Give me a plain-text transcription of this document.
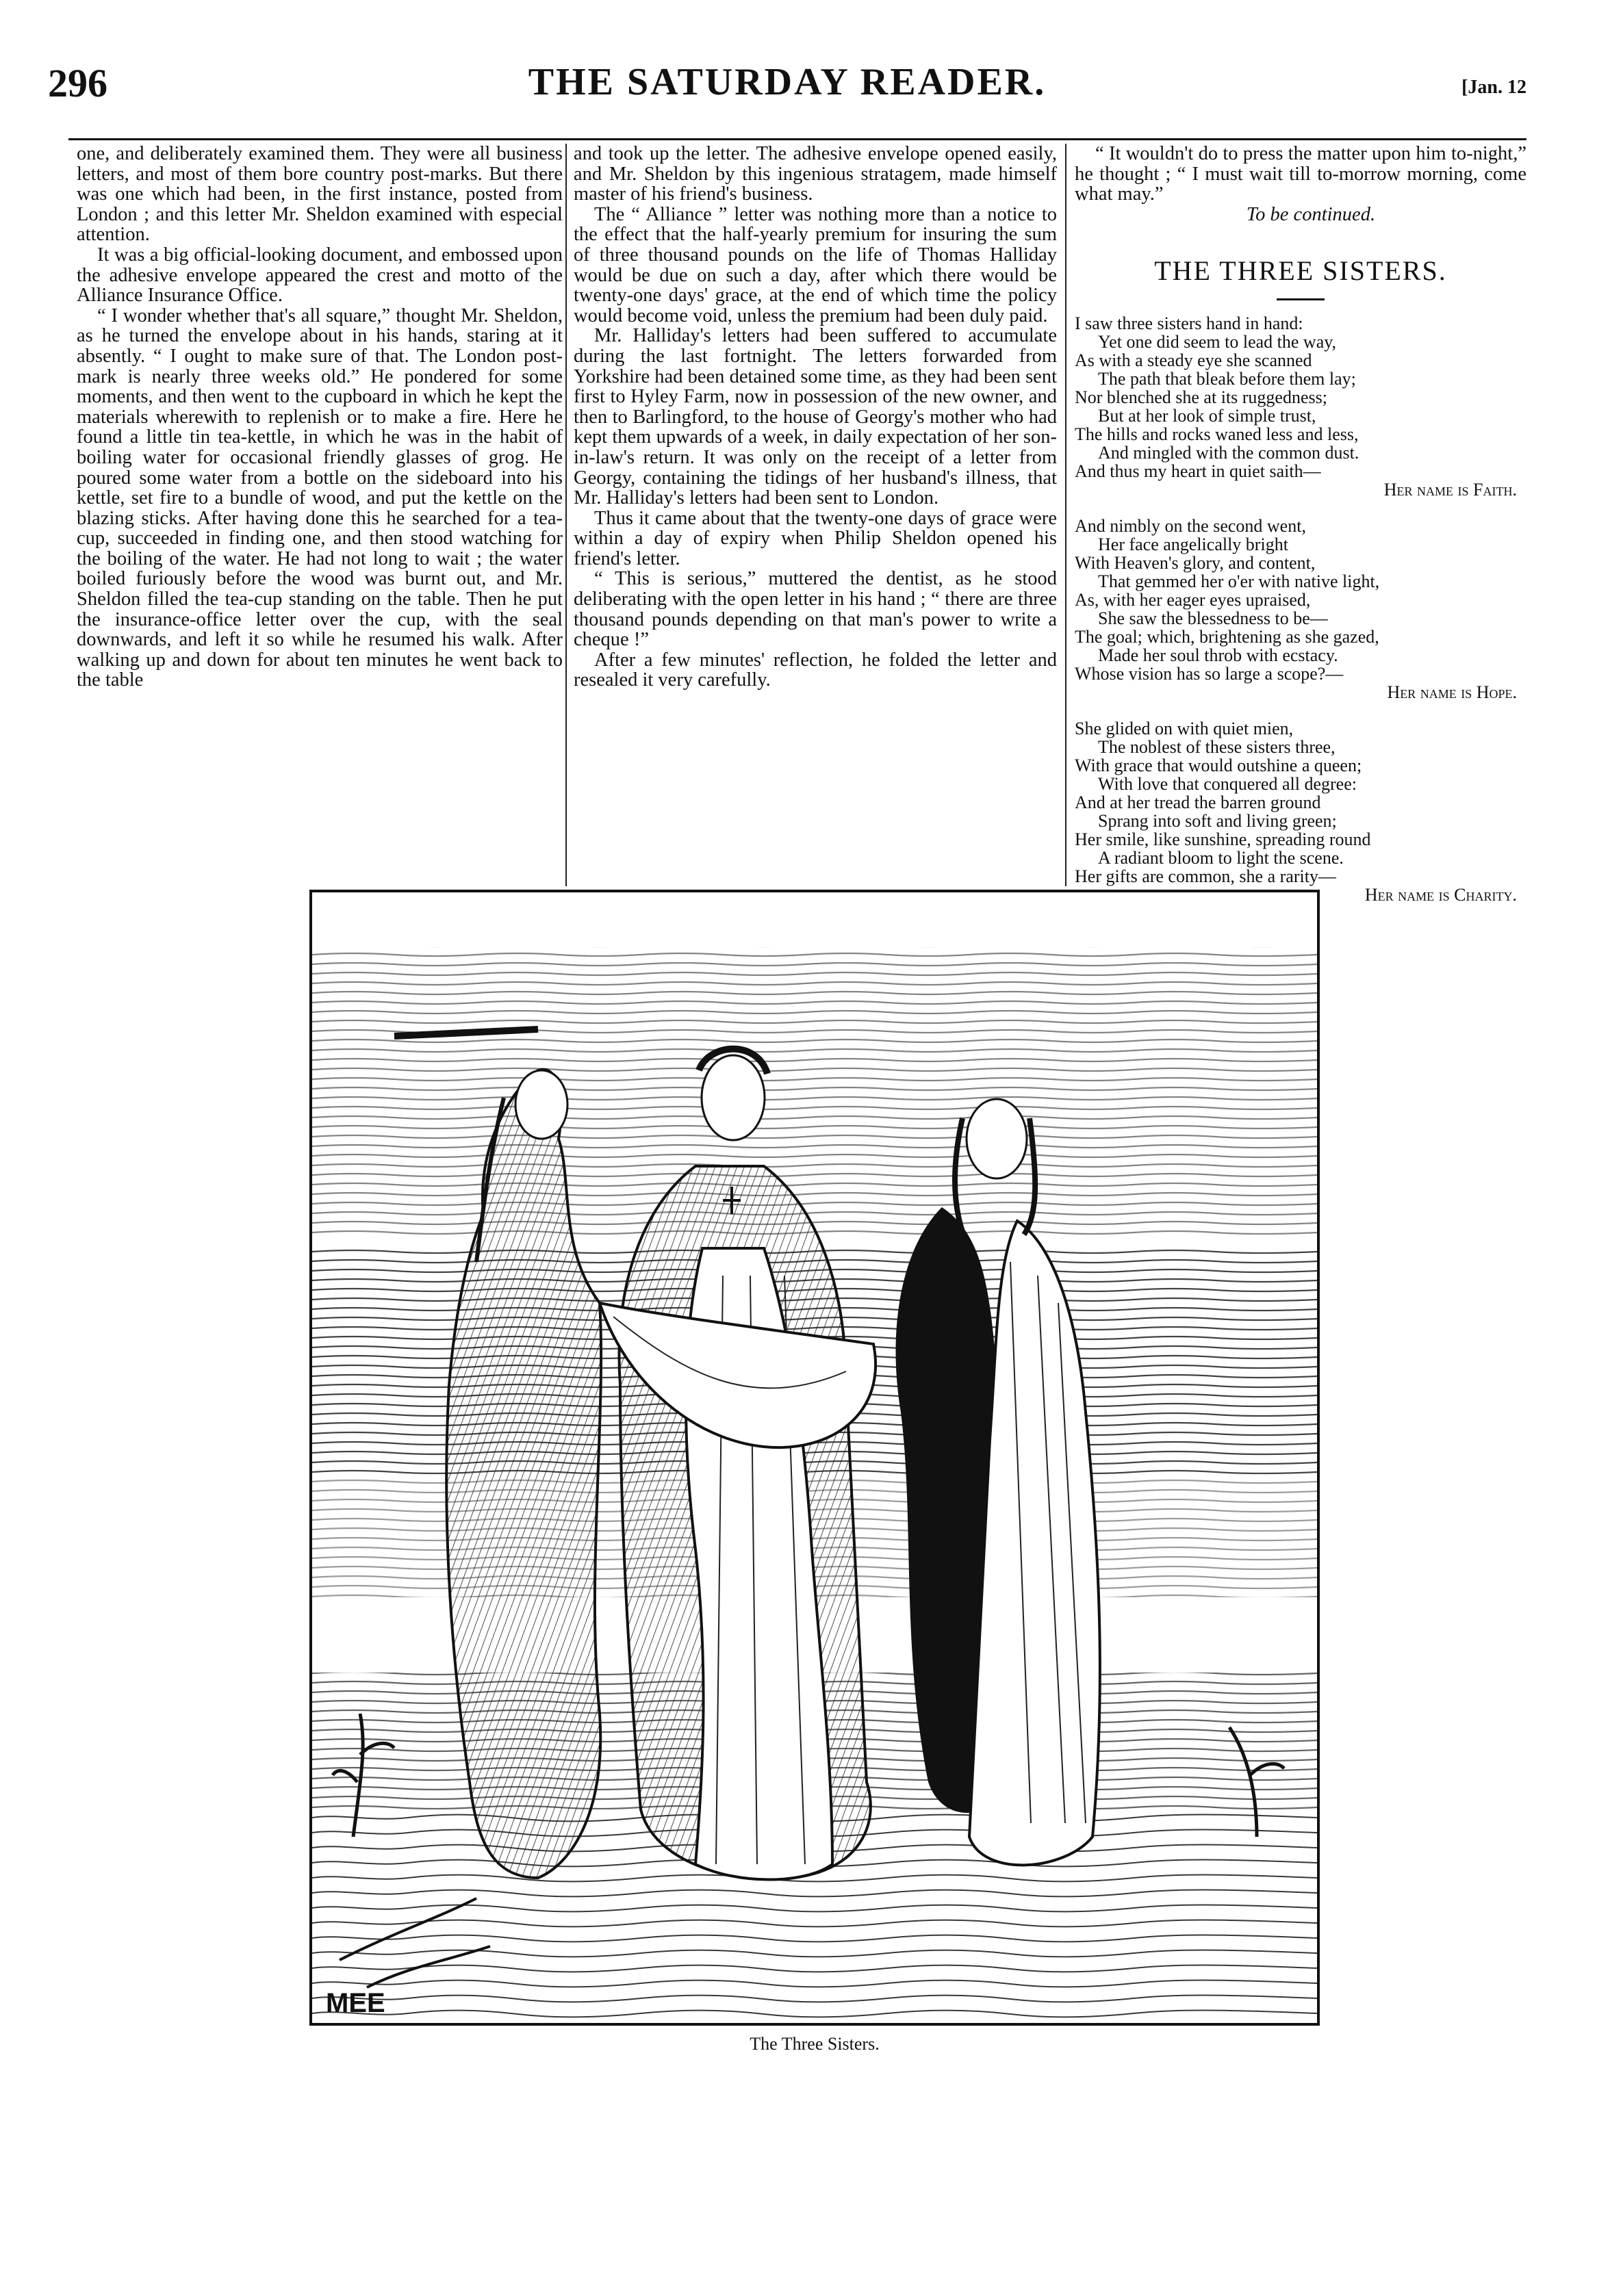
296	THE SATURDAY READER.	[Jan. 12

one, and deliberately examined them. They were all business letters, and most of them bore country post-marks. But there was one which had been, in the first instance, posted from London ; and this letter Mr. Sheldon examined with especial attention.

It was a big official-looking document, and embossed upon the adhesive envelope appeared the crest and motto of the Alliance Insurance Office.

“ I wonder whether that's all square,” thought Mr. Sheldon, as he turned the envelope about in his hands, staring at it absently. “ I ought to make sure of that. The London post-mark is nearly three weeks old.” He pondered for some moments, and then went to the cupboard in which he kept the materials wherewith to replenish or to make a fire. Here he found a little tin tea-kettle, in which he was in the habit of boiling water for occasional friendly glasses of grog. He poured some water from a bottle on the sideboard into his kettle, set fire to a bundle of wood, and put the kettle on the blazing sticks. After having done this he searched for a tea-cup, succeeded in finding one, and then stood watching for the boiling of the water. He had not long to wait ; the water boiled furiously before the wood was burnt out, and Mr. Sheldon filled the tea-cup standing on the table. Then he put the insurance-office letter over the cup, with the seal downwards, and left it so while he resumed his walk. After walking up and down for about ten minutes he went back to the table

and took up the letter. The adhesive envelope opened easily, and Mr. Sheldon by this ingenious stratagem, made himself master of his friend's business.

The “ Alliance ” letter was nothing more than a notice to the effect that the half-yearly premium for insuring the sum of three thousand pounds on the life of Thomas Halliday would be due on such a day, after which there would be twenty-one days' grace, at the end of which time the policy would become void, unless the premium had been duly paid.

Mr. Halliday's letters had been suffered to accumulate during the last fortnight. The letters forwarded from Yorkshire had been detained some time, as they had been sent first to Hyley Farm, now in possession of the new owner, and then to Barlingford, to the house of Georgy's mother who had kept them upwards of a week, in daily expectation of her son-in-law's return. It was only on the receipt of a letter from Georgy, containing the tidings of her husband's illness, that Mr. Halliday's letters had been sent to London.

Thus it came about that the twenty-one days of grace were within a day of expiry when Philip Sheldon opened his friend's letter.

“ This is serious,” muttered the dentist, as he stood deliberating with the open letter in his hand ; “ there are three thousand pounds depending on that man's power to write a cheque !”

After a few minutes' reflection, he folded the letter and resealed it very carefully.

“ It wouldn't do to press the matter upon him to-night,” he thought ; “ I must wait till to-morrow morning, come what may.”

To be continued.

THE THREE SISTERS.
I saw three sisters hand in hand:
Yet one did seem to lead the way,
As with a steady eye she scanned
The path that bleak before them lay;
Nor blenched she at its ruggedness;
But at her look of simple trust,
The hills and rocks waned less and less,
And mingled with the common dust.
And thus my heart in quiet saith—
Her name is Faith.
And nimbly on the second went,
Her face angelically bright
With Heaven's glory, and content,
That gemmed her o'er with native light,
As, with her eager eyes upraised,
She saw the blessedness to be—
The goal; which, brightening as she gazed,
Made her soul throb with ecstacy.
Whose vision has so large a scope?—
Her name is Hope.
She glided on with quiet mien,
The noblest of these sisters three,
With grace that would outshine a queen;
With love that conquered all degree:
And at her tread the barren ground
Sprang into soft and living green;
Her smile, like sunshine, spreading round
A radiant bloom to light the scene.
Her gifts are common, she a rarity—
Her name is Charity.
MEE
The Three Sisters.
